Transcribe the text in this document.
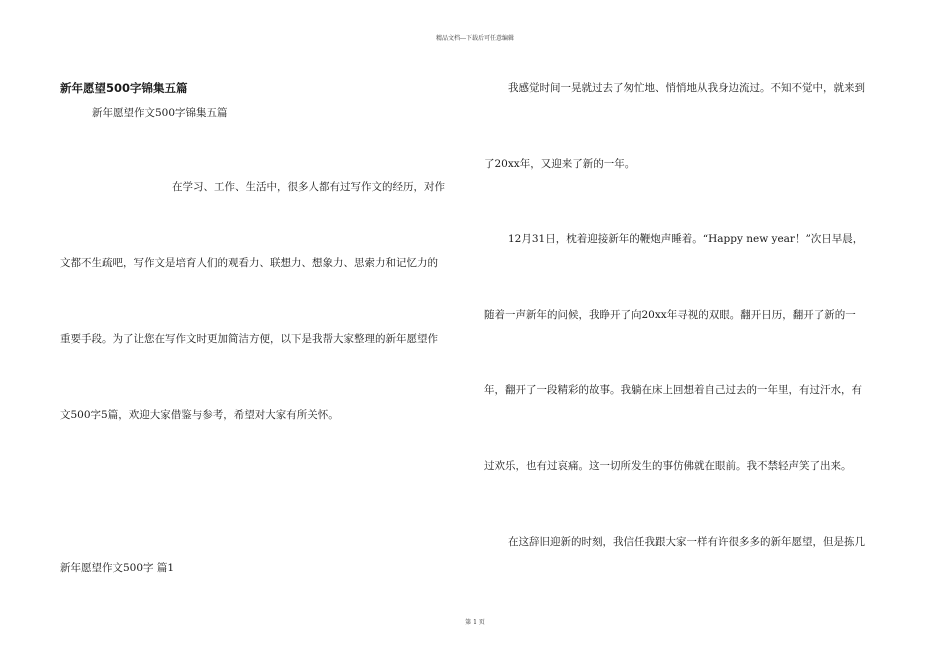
精品文档---下载后可任意编辑
新年愿望500字锦集五篇
新年愿望作文500字锦集五篇
在学习、工作、生活中，很多人都有过写作文的经历，对作
文都不生疏吧，写作文是培育人们的观看力、联想力、想象力、思索力和记忆力的
重要手段。为了让您在写作文时更加简洁方便，以下是我帮大家整理的新年愿望作
文500字5篇，欢迎大家借鉴与参考，希望对大家有所关怀。
新年愿望作文500字 篇1
我感觉时间一晃就过去了匆忙地、悄悄地从我身边流过。不知不觉中，就来到
了20xx年，又迎来了新的一年。
12月31日，枕着迎接新年的鞭炮声睡着。“Happy new year！”次日早晨，
随着一声新年的问候，我睁开了向20xx年寻视的双眼。翻开日历，翻开了新的一
年，翻开了一段精彩的故事。我躺在床上回想着自己过去的一年里，有过汗水，有
过欢乐，也有过哀痛。这一切所发生的事仿佛就在眼前。我不禁轻声笑了出来。
在这辞旧迎新的时刻，我信任我跟大家一样有许很多多的新年愿望，但是拣几
第 1 页
